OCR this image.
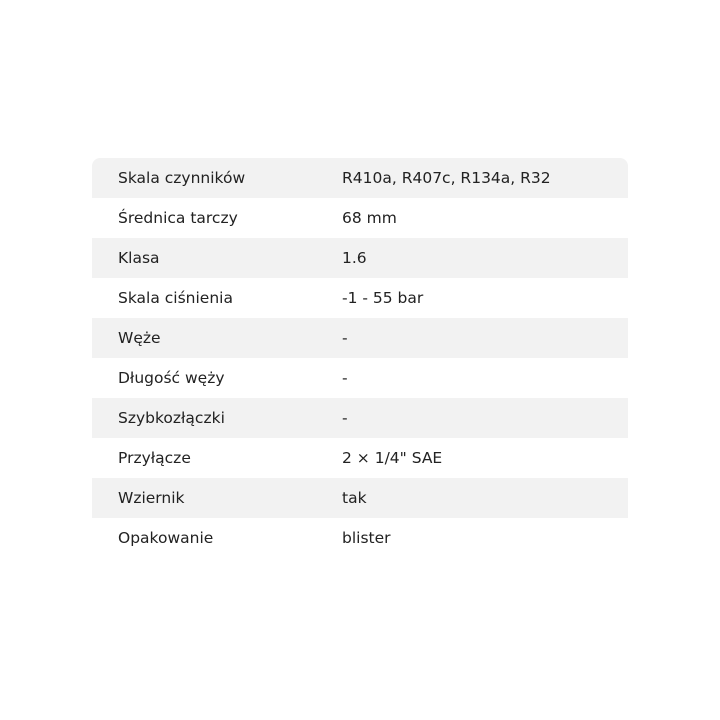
Skala czynników	R410a, R407c, R134a, R32
Średnica tarczy	68 mm
Klasa	1.6
Skala ciśnienia	-1 - 55 bar
Węże	-
Długość węży	-
Szybkozłączki	-
Przyłącze	2 × 1/4" SAE
Wziernik	tak
Opakowanie	blister
